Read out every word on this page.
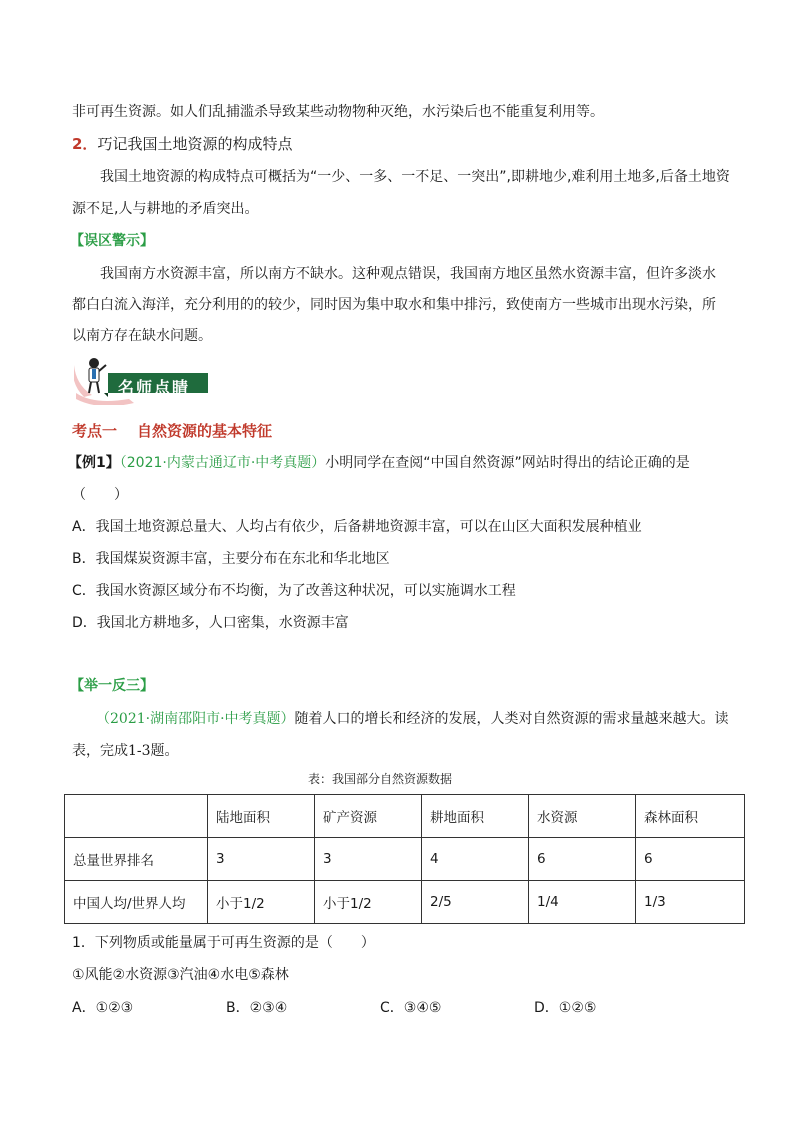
非可再生资源。如人们乱捕滥杀导致某些动物物种灭绝，水污染后也不能重复利用等。
2．巧记我国土地资源的构成特点
我国土地资源的构成特点可概括为“一少、一多、一不足、一突出”,即耕地少,难利用土地多,后备土地资
源不足,人与耕地的矛盾突出。
【误区警示】
我国南方水资源丰富，所以南方不缺水。这种观点错误，我国南方地区虽然水资源丰富，但许多淡水
都白白流入海洋，充分利用的的较少，同时因为集中取水和集中排污，致使南方一些城市出现水污染，所
以南方存在缺水问题。
名师点睛
考点一 自然资源的基本特征
【例1】（2021·内蒙古通辽市·中考真题）小明同学在查阅“中国自然资源”网站时得出的结论正确的是
（　　）
A．我国土地资源总量大、人均占有依少，后备耕地资源丰富，可以在山区大面积发展种植业
B．我国煤炭资源丰富，主要分布在东北和华北地区
C．我国水资源区域分布不均衡，为了改善这种状况，可以实施调水工程
D．我国北方耕地多，人口密集，水资源丰富
【举一反三】
（2021·湖南邵阳市·中考真题）随着人口的增长和经济的发展，人类对自然资源的需求量越来越大。读
表，完成1-3题。
表：我国部分自然资源数据
	陆地面积	矿产资源	耕地面积	水资源	森林面积
总量世界排名	3	3	4	6	6
中国人均/世界人均	小于1/2	小于1/2	2/5	1/4	1/3
1．下列物质或能量属于可再生资源的是（　　）
①风能②水资源③汽油④水电⑤森林
A．①②③	B．②③④	C．③④⑤	D．①②⑤
